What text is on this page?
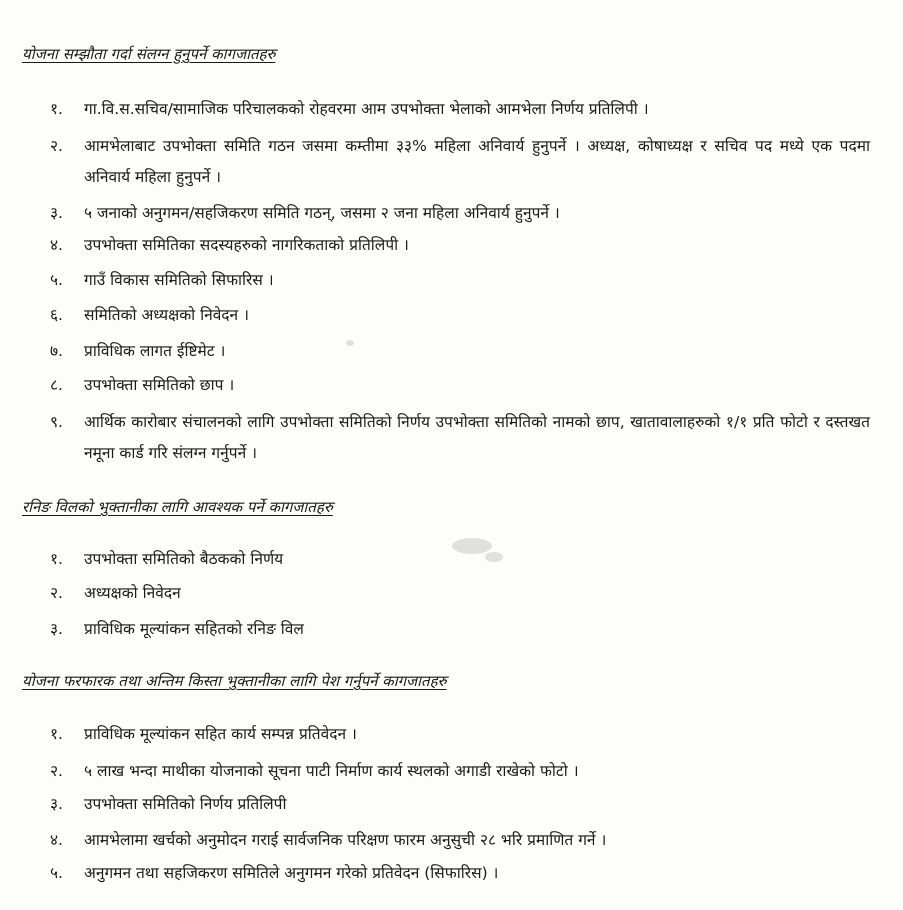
योजना सम्झौता गर्दा संलग्न हुनुपर्ने कागजातहरु
१.	गा.वि.स.सचिव/सामाजिक परिचालकको रोहवरमा आम उपभोक्ता भेलाको आमभेला निर्णय प्रतिलिपी ।
२.	आमभेलाबाट उपभोक्ता समिति गठन जसमा कम्तीमा ३३% महिला अनिवार्य हुनुपर्ने । अध्यक्ष, कोषाध्यक्ष र सचिव पद मध्ये एक पदमा अनिवार्य महिला हुनुपर्ने ।
३.	५ जनाको अनुगमन/सहजिकरण समिति गठन्, जसमा २ जना महिला अनिवार्य हुनुपर्ने ।
४.	उपभोक्ता समितिका सदस्यहरुको नागरिकताको प्रतिलिपी ।
५.	गाउँ विकास समितिको सिफारिस ।
६.	समितिको अध्यक्षको निवेदन ।
७.	प्राविधिक लागत ईष्टिमेट ।
८.	उपभोक्ता समितिको छाप ।
९.	आर्थिक कारोबार संचालनको लागि उपभोक्ता समितिको निर्णय उपभोक्ता समितिको नामको छाप, खातावालाहरुको १/१ प्रति फोटो र दस्तखत नमूना कार्ड गरि संलग्न गर्नुपर्ने ।
रनिङ विलको भुक्तानीका लागि आवश्यक पर्ने कागजातहरु
१.	उपभोक्ता समितिको बैठकको निर्णय
२.	अध्यक्षको निवेदन
३.	प्राविधिक मूल्यांकन सहितको रनिङ विल
योजना फरफारक तथा अन्तिम किस्ता भुक्तानीका लागि पेश गर्नुपर्ने कागजातहरु
१.	प्राविधिक मूल्यांकन सहित कार्य सम्पन्न प्रतिवेदन ।
२.	५ लाख भन्दा माथीका योजनाको सूचना पाटी निर्माण कार्य स्थलको अगाडी राखेको फोटो ।
३.	उपभोक्ता समितिको निर्णय प्रतिलिपी
४.	आमभेलामा खर्चको अनुमोदन गराई सार्वजनिक परिक्षण फारम अनुसुची २८ भरि प्रमाणित गर्ने ।
५.	अनुगमन तथा सहजिकरण समितिले अनुगमन गरेको प्रतिवेदन (सिफारिस) ।
